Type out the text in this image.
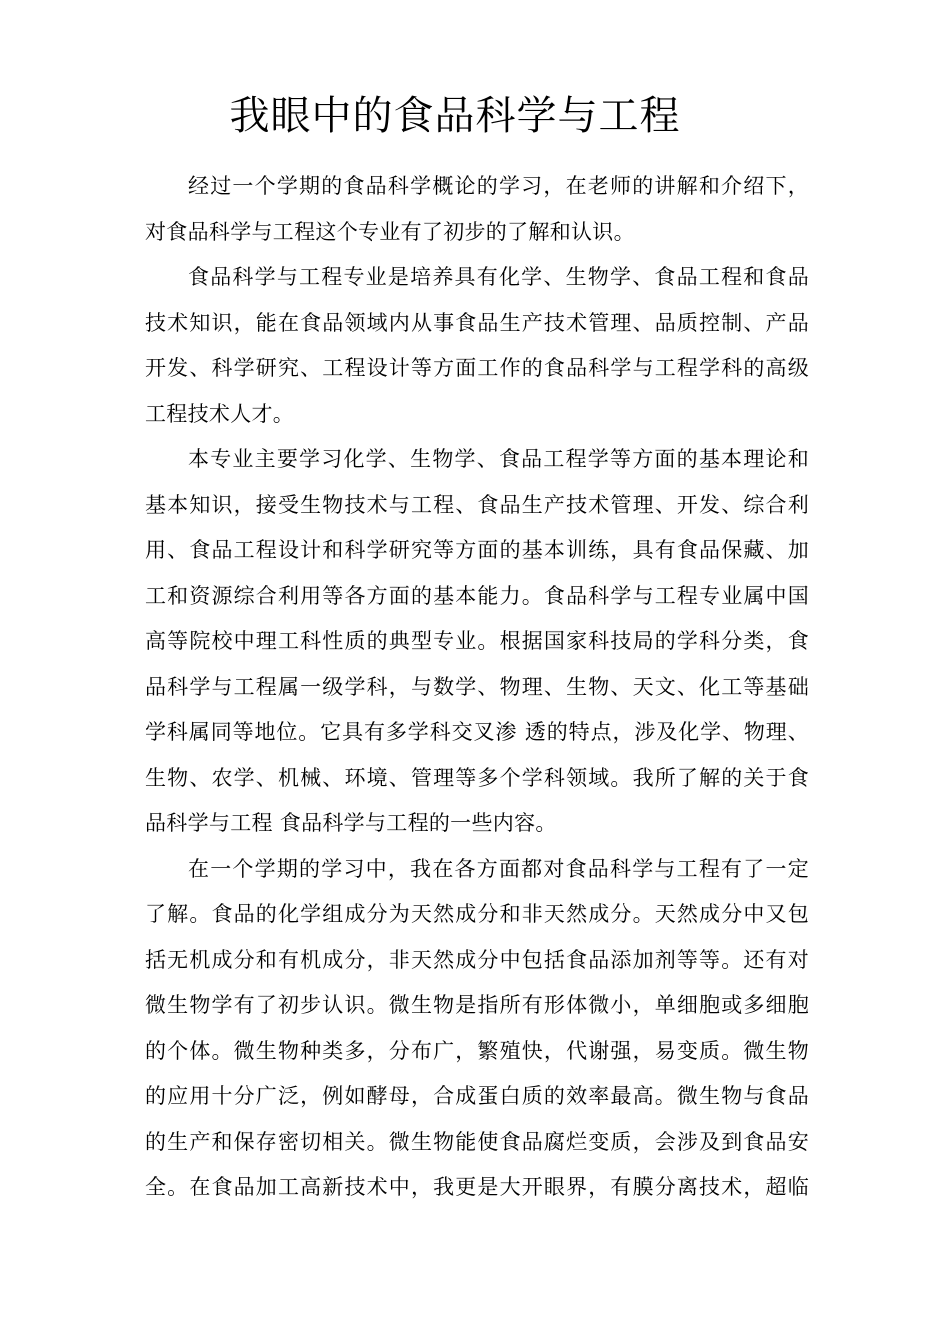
我眼中的食品科学与工程
经过一个学期的食品科学概论的学习，在老师的讲解和介绍下，
对食品科学与工程这个专业有了初步的了解和认识。
食品科学与工程专业是培养具有化学、生物学、食品工程和食品
技术知识，能在食品领域内从事食品生产技术管理、品质控制、产品
开发、科学研究、工程设计等方面工作的食品科学与工程学科的高级
工程技术人才。
本专业主要学习化学、生物学、食品工程学等方面的基本理论和
基本知识，接受生物技术与工程、食品生产技术管理、开发、综合利
用、食品工程设计和科学研究等方面的基本训练，具有食品保藏、加
工和资源综合利用等各方面的基本能力。食品科学与工程专业属中国
高等院校中理工科性质的典型专业。根据国家科技局的学科分类，食
品科学与工程属一级学科，与数学、物理、生物、天文、化工等基础
学科属同等地位。它具有多学科交叉渗 透的特点，涉及化学、物理、
生物、农学、机械、环境、管理等多个学科领域。我所了解的关于食
品科学与工程 食品科学与工程的一些内容。
在一个学期的学习中，我在各方面都对食品科学与工程有了一定
了解。食品的化学组成分为天然成分和非天然成分。天然成分中又包
括无机成分和有机成分，非天然成分中包括食品添加剂等等。还有对
微生物学有了初步认识。微生物是指所有形体微小，单细胞或多细胞
的个体。微生物种类多，分布广，繁殖快，代谢强，易变质。微生物
的应用十分广泛，例如酵母，合成蛋白质的效率最高。微生物与食品
的生产和保存密切相关。微生物能使食品腐烂变质，会涉及到食品安
全。在食品加工高新技术中，我更是大开眼界，有膜分离技术，超临
